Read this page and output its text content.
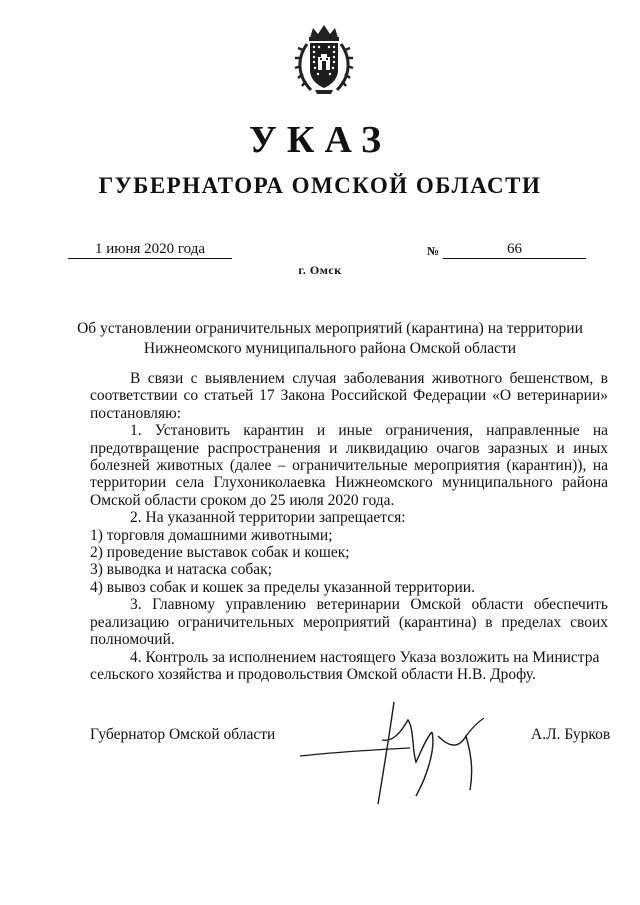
УКАЗ
ГУБЕРНАТОРА ОМСКОЙ ОБЛАСТИ
1 июня 2020 года	№	66
г. Омск
Об установлении ограничительных мероприятий (карантина) на территории Нижнеомского муниципального района Омской области

В связи с выявлением случая заболевания животного бешенством, в соответствии со статьей 17 Закона Российской Федерации «О ветеринарии» постановляю:

1. Установить карантин и иные ограничения, направленные на предотвращение распространения и ликвидацию очагов заразных и иных болезней животных (далее – ограничительные мероприятия (карантин)), на территории села Глухониколаевка Нижнеомского муниципального района Омской области сроком до 25 июля 2020 года.

2. На указанной территории запрещается:

1) торговля домашними животными;

2) проведение выставок собак и кошек;

3) выводка и натаска собак;

4) вывоз собак и кошек за пределы указанной территории.

3. Главному управлению ветеринарии Омской области обеспечить реализацию ограничительных мероприятий (карантина) в пределах своих полномочий.

4. Контроль за исполнением настоящего Указа возложить на Министра сельского хозяйства и продовольствия Омской области Н.В. Дрофу.

Губернатор Омской области	А.Л. Бурков
